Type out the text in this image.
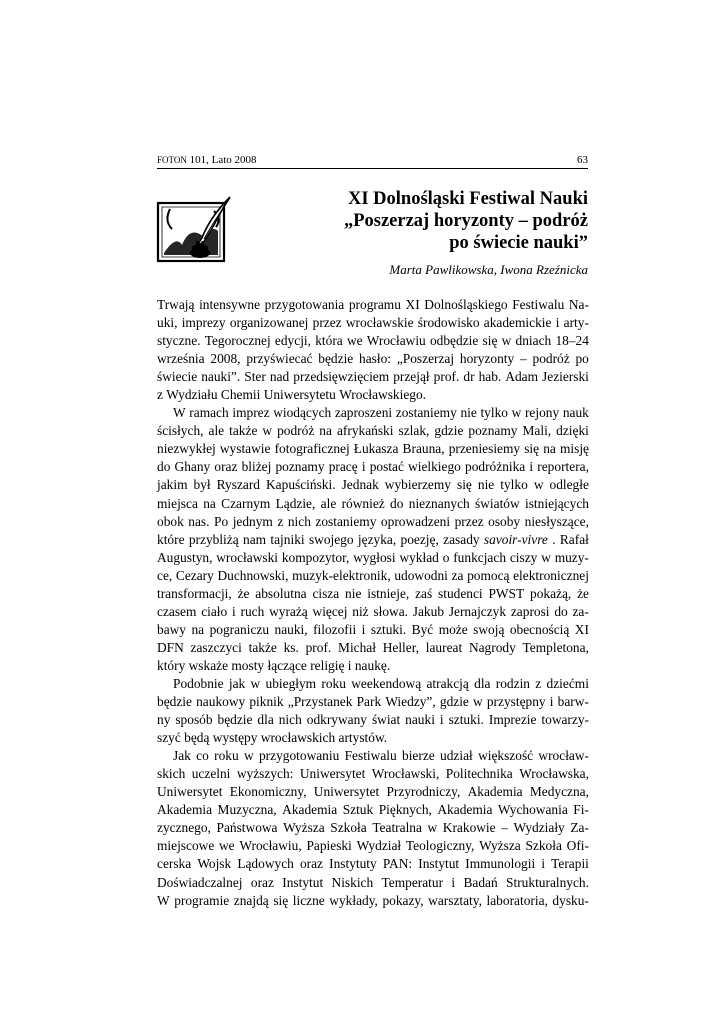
FOTON 101, Lato 2008	63
XI Dolnośląski Festiwal Nauki
„Poszerzaj horyzonty – podróż
po świecie nauki”
Marta Pawlikowska, Iwona Rzeźnicka
Trwają intensywne przygotowania programu XI Dolnośląskiego Festiwalu Na-
uki, imprezy organizowanej przez wrocławskie środowisko akademickie i arty-
styczne. Tegorocznej edycji, która we Wrocławiu odbędzie się w dniach 18–24
września 2008, przyświecać będzie hasło: „Poszerzaj horyzonty – podróż po
świecie nauki”. Ster nad przedsięwzięciem przejął prof. dr hab. Adam Jezierski
z Wydziału Chemii Uniwersytetu Wrocławskiego.
W ramach imprez wiodących zaproszeni zostaniemy nie tylko w rejony nauk
ścisłych, ale także w podróż na afrykański szlak, gdzie poznamy Mali, dzięki
niezwykłej wystawie fotograficznej Łukasza Brauna, przeniesiemy się na misję
do Ghany oraz bliżej poznamy pracę i postać wielkiego podróżnika i reportera,
jakim był Ryszard Kapuściński. Jednak wybierzemy się nie tylko w odległe
miejsca na Czarnym Lądzie, ale również do nieznanych światów istniejących
obok nas. Po jednym z nich zostaniemy oprowadzeni przez osoby niesłyszące,
które przybliżą nam tajniki swojego języka, poezję, zasady savoir-vivre . Rafał
Augustyn, wrocławski kompozytor, wygłosi wykład o funkcjach ciszy w muzy-
ce, Cezary Duchnowski, muzyk-elektronik, udowodni za pomocą elektronicznej
transformacji, że absolutna cisza nie istnieje, zaś studenci PWST pokażą, że
czasem ciało i ruch wyrażą więcej niż słowa. Jakub Jernajczyk zaprosi do za-
bawy na pograniczu nauki, filozofii i sztuki. Być może swoją obecnością XI
DFN zaszczyci także ks. prof. Michał Heller, laureat Nagrody Templetona,
który wskaże mosty łączące religię i naukę.
Podobnie jak w ubiegłym roku weekendową atrakcją dla rodzin z dziećmi
będzie naukowy piknik „Przystanek Park Wiedzy”, gdzie w przystępny i barw-
ny sposób będzie dla nich odkrywany świat nauki i sztuki. Imprezie towarzy-
szyć będą występy wrocławskich artystów.
Jak co roku w przygotowaniu Festiwalu bierze udział większość wrocław-
skich uczelni wyższych: Uniwersytet Wrocławski, Politechnika Wrocławska,
Uniwersytet Ekonomiczny, Uniwersytet Przyrodniczy, Akademia Medyczna,
Akademia Muzyczna, Akademia Sztuk Pięknych, Akademia Wychowania Fi-
zycznego, Państwowa Wyższa Szkoła Teatralna w Krakowie – Wydziały Za-
miejscowe we Wrocławiu, Papieski Wydział Teologiczny, Wyższa Szkoła Ofi-
cerska Wojsk Lądowych oraz Instytuty PAN: Instytut Immunologii i Terapii
Doświadczalnej oraz Instytut Niskich Temperatur i Badań Strukturalnych.
W programie znajdą się liczne wykłady, pokazy, warsztaty, laboratoria, dysku-
